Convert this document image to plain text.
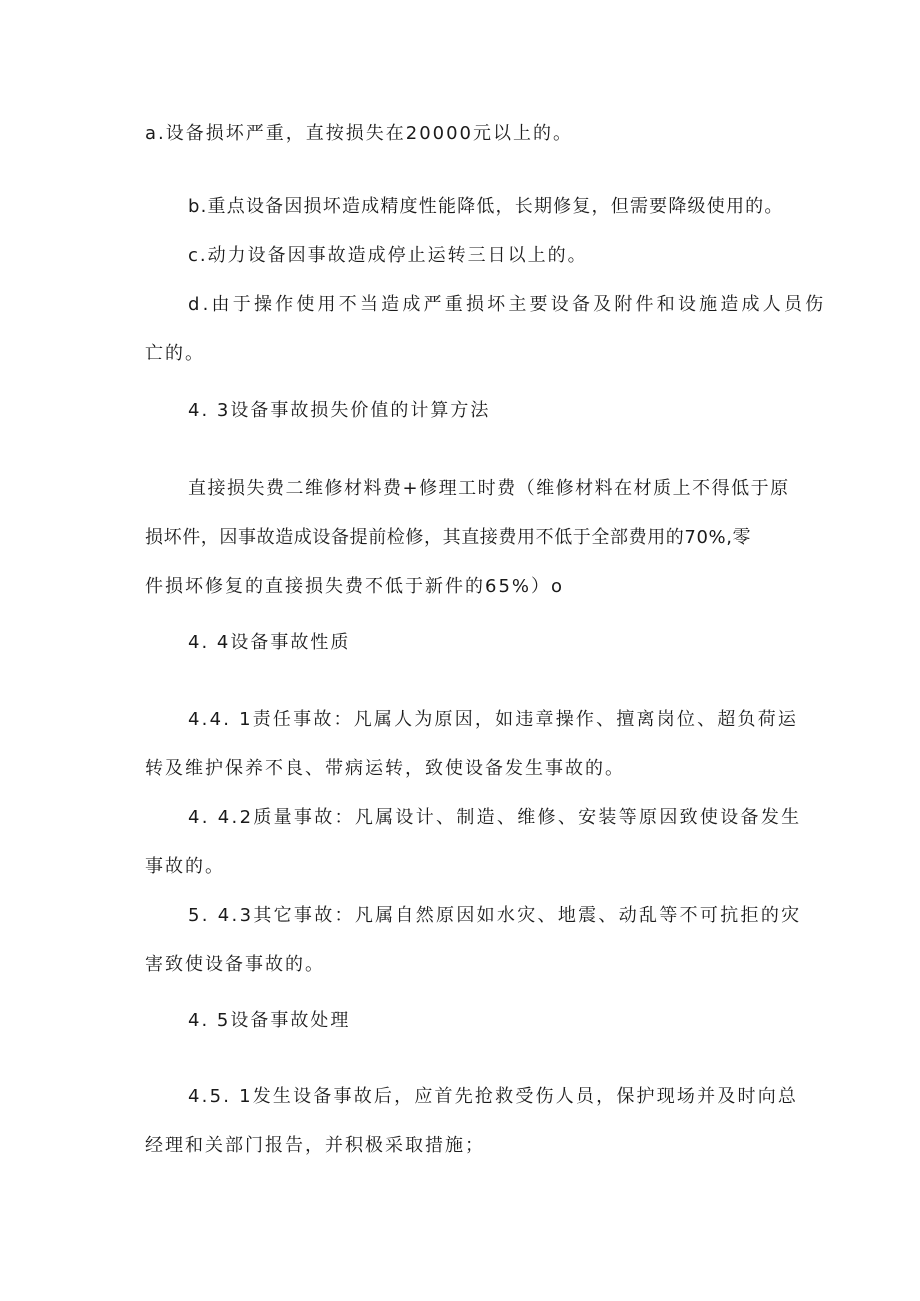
a.设备损坏严重，直按损失在20000元以上的。
b.重点设备因损坏造成精度性能降低，长期修复，但需要降级使用的。
c.动力设备因事故造成停止运转三日以上的。
d.由于操作使用不当造成严重损坏主要设备及附件和设施造成人员伤
亡的。
4. 3设备事故损失价值的计算方法
直接损失费二维修材料费+修理工时费（维修材料在材质上不得低于原
损坏件，因事故造成设备提前检修，其直接费用不低于全部费用的70%,零
件损坏修复的直接损失费不低于新件的65%）o
4. 4设备事故性质
4.4. 1责任事故：凡属人为原因，如违章操作、擅离岗位、超负荷运
转及维护保养不良、带病运转，致使设备发生事故的。
4. 4.2质量事故：凡属设计、制造、维修、安装等原因致使设备发生
事故的。
5. 4.3其它事故：凡属自然原因如水灾、地震、动乱等不可抗拒的灾
害致使设备事故的。
4. 5设备事故处理
4.5. 1发生设备事故后，应首先抢救受伤人员，保护现场并及时向总
经理和关部门报告，并积极采取措施；
